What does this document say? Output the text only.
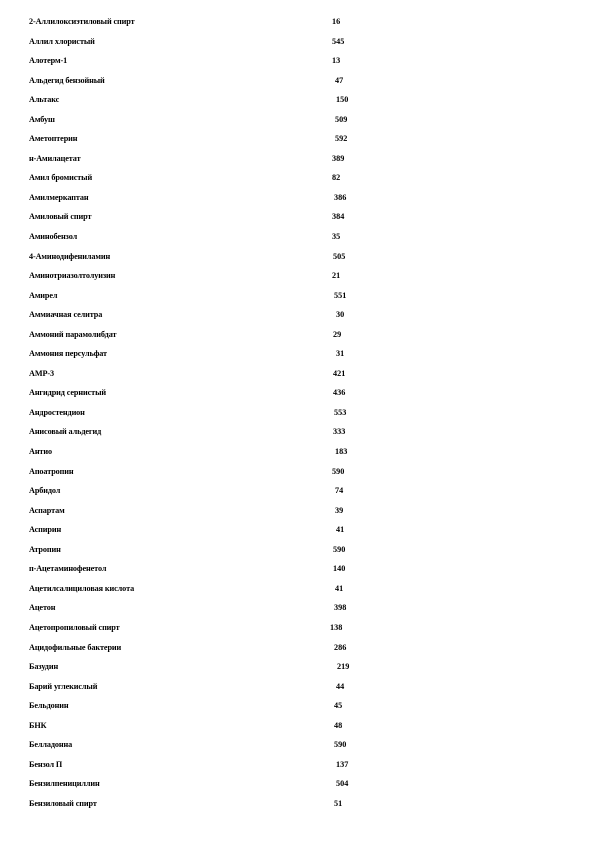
2-Аллилоксиэтиловый спирт	16
Аллил хлористый	545
Алотерм-1	13
Альдегид бензойный	47
Альтакс	150
Амбуш	509
Аметоптерин	592
н-Амилацетат	389
Амил бромистый	82
Амилмеркаптан	386
Амиловый спирт	384
Аминобензол	35
4-Аминодифениламин	505
Аминотриазолтолуизин	21
Амирел	551
Аммиачная селитра	30
Аммоний парамолибдат	29
Аммония персульфат	31
АМР-3	421
Ангидрид сернистый	436
Андростендион	553
Анисовый альдегид	333
Антио	183
Апоатропин	590
Арбидол	74
Аспартам	39
Аспирин	41
Атропин	590
п-Ацетаминофенетол	140
Ацетилсалициловая кислота	41
Ацетон	398
Ацетопропиловый спирт	138
Ацидофильные бактерии	286
Базудин	219
Барий углекислый	44
Бельдонин	45
БНК	48
Белладонна	590
Бензол П	137
Бензилпенициллин	504
Бензиловый спирт	51
